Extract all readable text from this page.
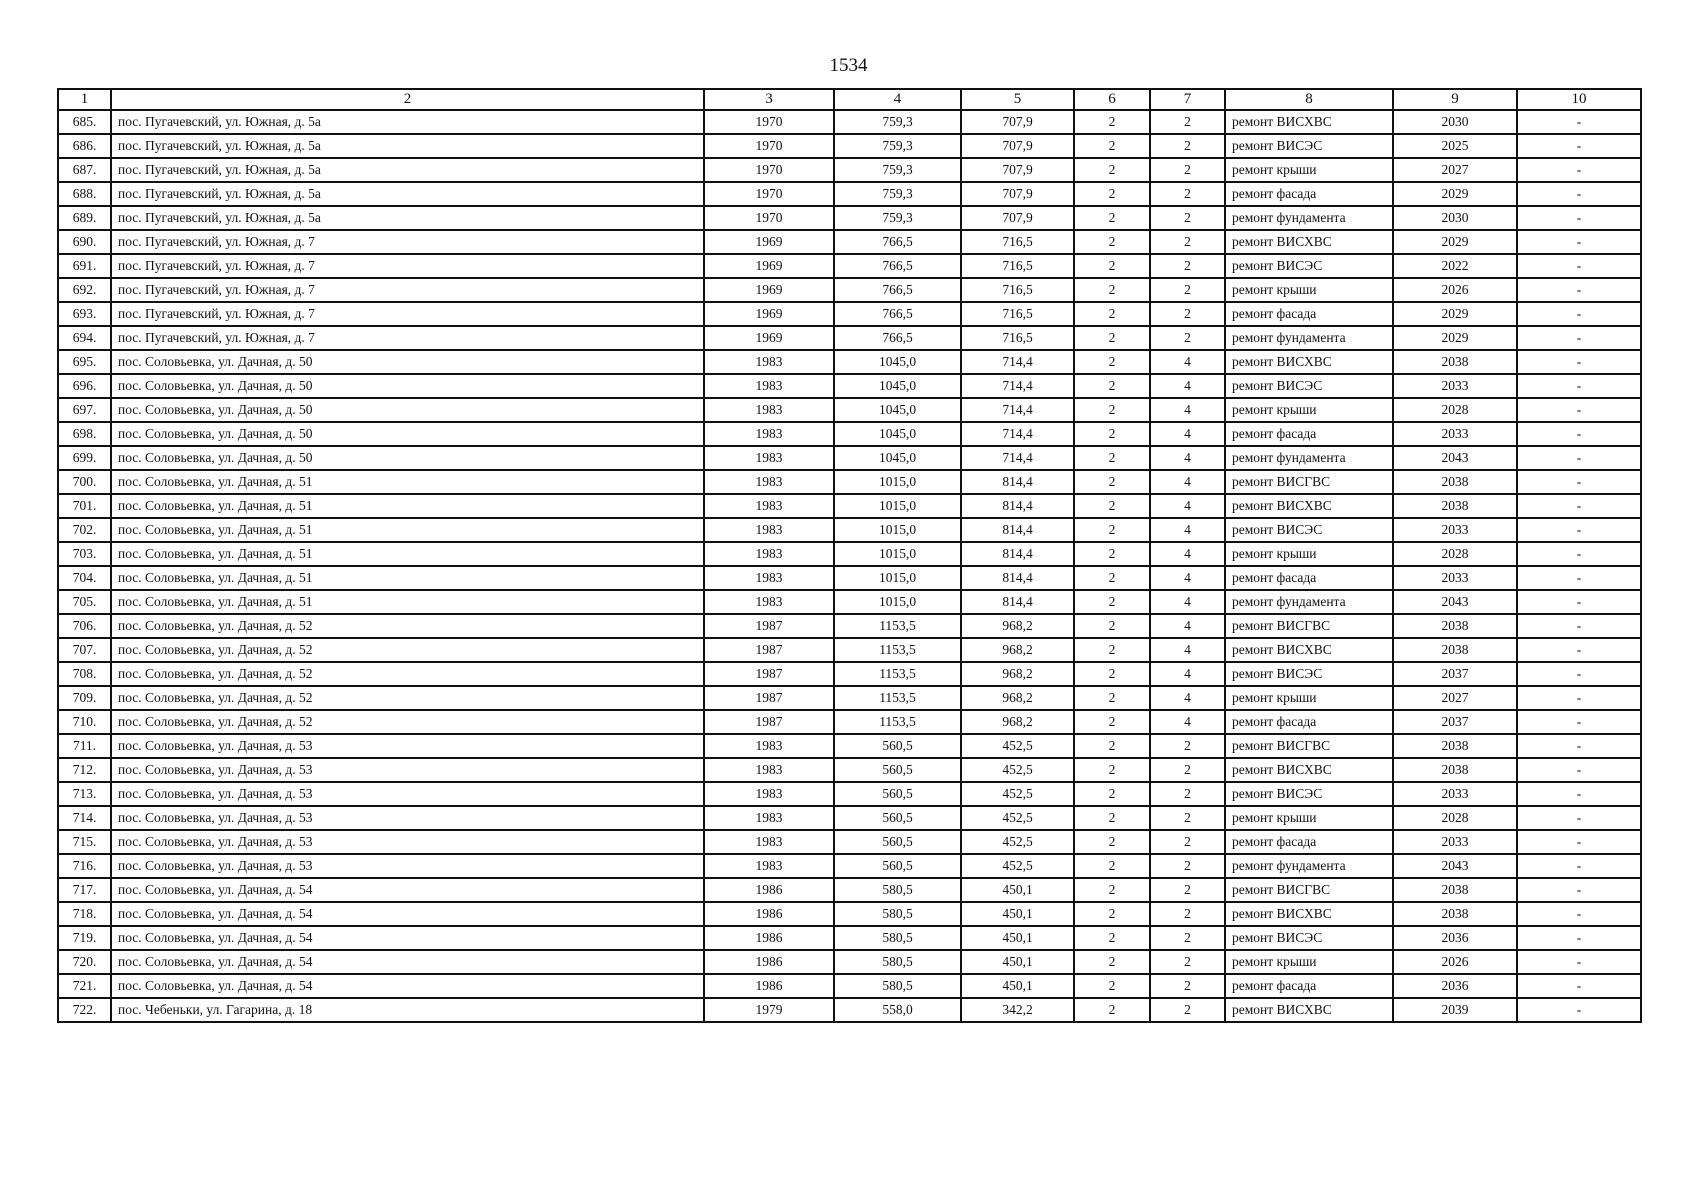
1534
1	2	3	4	5	6	7	8	9	10
685.	пос. Пугачевский, ул. Южная, д. 5а	1970	759,3	707,9	2	2	ремонт ВИСХВС	2030	-
686.	пос. Пугачевский, ул. Южная, д. 5а	1970	759,3	707,9	2	2	ремонт ВИСЭС	2025	-
687.	пос. Пугачевский, ул. Южная, д. 5а	1970	759,3	707,9	2	2	ремонт крыши	2027	-
688.	пос. Пугачевский, ул. Южная, д. 5а	1970	759,3	707,9	2	2	ремонт фасада	2029	-
689.	пос. Пугачевский, ул. Южная, д. 5а	1970	759,3	707,9	2	2	ремонт фундамента	2030	-
690.	пос. Пугачевский, ул. Южная, д. 7	1969	766,5	716,5	2	2	ремонт ВИСХВС	2029	-
691.	пос. Пугачевский, ул. Южная, д. 7	1969	766,5	716,5	2	2	ремонт ВИСЭС	2022	-
692.	пос. Пугачевский, ул. Южная, д. 7	1969	766,5	716,5	2	2	ремонт крыши	2026	-
693.	пос. Пугачевский, ул. Южная, д. 7	1969	766,5	716,5	2	2	ремонт фасада	2029	-
694.	пос. Пугачевский, ул. Южная, д. 7	1969	766,5	716,5	2	2	ремонт фундамента	2029	-
695.	пос. Соловьевка, ул. Дачная, д. 50	1983	1045,0	714,4	2	4	ремонт ВИСХВС	2038	-
696.	пос. Соловьевка, ул. Дачная, д. 50	1983	1045,0	714,4	2	4	ремонт ВИСЭС	2033	-
697.	пос. Соловьевка, ул. Дачная, д. 50	1983	1045,0	714,4	2	4	ремонт крыши	2028	-
698.	пос. Соловьевка, ул. Дачная, д. 50	1983	1045,0	714,4	2	4	ремонт фасада	2033	-
699.	пос. Соловьевка, ул. Дачная, д. 50	1983	1045,0	714,4	2	4	ремонт фундамента	2043	-
700.	пос. Соловьевка, ул. Дачная, д. 51	1983	1015,0	814,4	2	4	ремонт ВИСГВС	2038	-
701.	пос. Соловьевка, ул. Дачная, д. 51	1983	1015,0	814,4	2	4	ремонт ВИСХВС	2038	-
702.	пос. Соловьевка, ул. Дачная, д. 51	1983	1015,0	814,4	2	4	ремонт ВИСЭС	2033	-
703.	пос. Соловьевка, ул. Дачная, д. 51	1983	1015,0	814,4	2	4	ремонт крыши	2028	-
704.	пос. Соловьевка, ул. Дачная, д. 51	1983	1015,0	814,4	2	4	ремонт фасада	2033	-
705.	пос. Соловьевка, ул. Дачная, д. 51	1983	1015,0	814,4	2	4	ремонт фундамента	2043	-
706.	пос. Соловьевка, ул. Дачная, д. 52	1987	1153,5	968,2	2	4	ремонт ВИСГВС	2038	-
707.	пос. Соловьевка, ул. Дачная, д. 52	1987	1153,5	968,2	2	4	ремонт ВИСХВС	2038	-
708.	пос. Соловьевка, ул. Дачная, д. 52	1987	1153,5	968,2	2	4	ремонт ВИСЭС	2037	-
709.	пос. Соловьевка, ул. Дачная, д. 52	1987	1153,5	968,2	2	4	ремонт крыши	2027	-
710.	пос. Соловьевка, ул. Дачная, д. 52	1987	1153,5	968,2	2	4	ремонт фасада	2037	-
711.	пос. Соловьевка, ул. Дачная, д. 53	1983	560,5	452,5	2	2	ремонт ВИСГВС	2038	-
712.	пос. Соловьевка, ул. Дачная, д. 53	1983	560,5	452,5	2	2	ремонт ВИСХВС	2038	-
713.	пос. Соловьевка, ул. Дачная, д. 53	1983	560,5	452,5	2	2	ремонт ВИСЭС	2033	-
714.	пос. Соловьевка, ул. Дачная, д. 53	1983	560,5	452,5	2	2	ремонт крыши	2028	-
715.	пос. Соловьевка, ул. Дачная, д. 53	1983	560,5	452,5	2	2	ремонт фасада	2033	-
716.	пос. Соловьевка, ул. Дачная, д. 53	1983	560,5	452,5	2	2	ремонт фундамента	2043	-
717.	пос. Соловьевка, ул. Дачная, д. 54	1986	580,5	450,1	2	2	ремонт ВИСГВС	2038	-
718.	пос. Соловьевка, ул. Дачная, д. 54	1986	580,5	450,1	2	2	ремонт ВИСХВС	2038	-
719.	пос. Соловьевка, ул. Дачная, д. 54	1986	580,5	450,1	2	2	ремонт ВИСЭС	2036	-
720.	пос. Соловьевка, ул. Дачная, д. 54	1986	580,5	450,1	2	2	ремонт крыши	2026	-
721.	пос. Соловьевка, ул. Дачная, д. 54	1986	580,5	450,1	2	2	ремонт фасада	2036	-
722.	пос. Чебеньки, ул. Гагарина, д. 18	1979	558,0	342,2	2	2	ремонт ВИСХВС	2039	-
